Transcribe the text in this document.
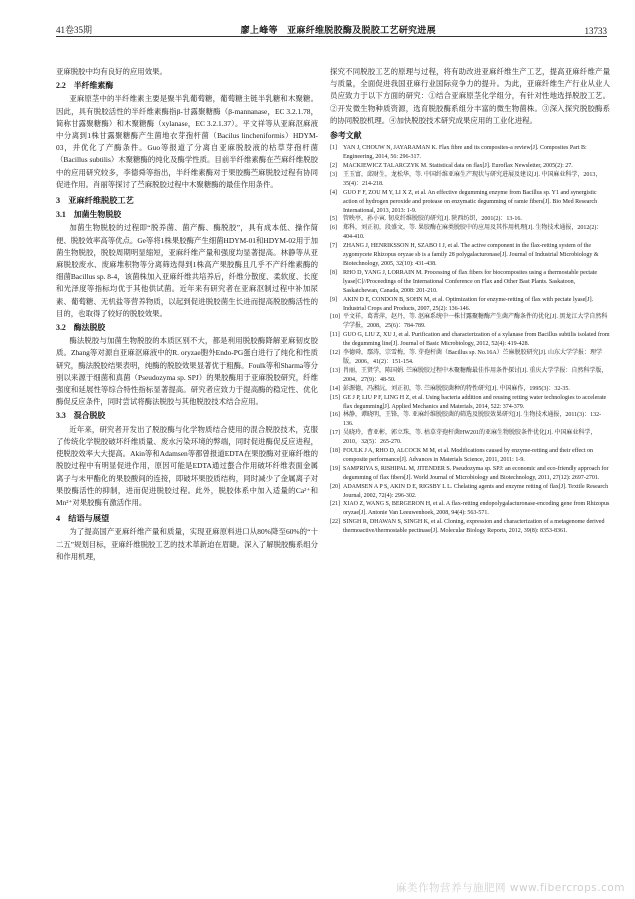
41卷35期	廖上峰等　亚麻纤维脱胶酶及脱胶工艺研究进展	13733

亚麻脱胶中均有良好的应用效果。

2.2　半纤维素酶

亚麻原茎中的半纤维素主要是聚半乳葡萄糖，葡萄糖主链半乳糖和木聚糖。因此，具有脱胶活性的半纤维素酶指β-甘露聚糖酶（β-mannanase，EC 3.2.1.78，简称甘露聚糖酶）和木聚糖酶（xylanase，EC 3.2.1.37）。平文祥等从亚麻沤麻液中分离到1株甘露聚糖酶产生菌地衣芽孢杆菌（Bacilus lincheniformis）HDYM-03，并优化了产酶条件。Guo等报道了分离自亚麻脱胶液的枯草芽孢杆菌（Bacillus subtilis）木聚糖酶的纯化及酶学性质。目前半纤维素酶在苎麻纤维脱胶中的应用研究较多，李德舜等指出，半纤维素酶对于果胶酶苎麻脱胶过程有协同促进作用。肖丽等探讨了苎麻脱胶过程中木聚糖酶的最佳作用条件。

3　亚麻纤维脱胶工艺
3.1　加菌生物脱胶

加菌生物脱胶的过程即“脱养菌、菌产酶、酶脱胶”，具有成本低、操作简便、脱胶效率高等优点。Ge等将1株果胶酶产生细菌HDYM-01和HDYM-02用于加菌生物脱胶，脱胶周期明显缩短，亚麻纤维产量和强度均显著提高。林静等从亚麻脱胶废水、废麻堆积物等分离筛选得到1株高产果胶酶且几乎不产纤维素酶的细菌Bacillus sp. 8-4，该菌株加入亚麻纤维共培养后，纤维分散度、柔软度、长度和光泽度等指标均优于其他供试菌。近年来有研究者在亚麻沤制过程中补加尿素、葡萄糖、无机盐等营养物质，以起到促进脱胶菌生长进而提高脱胶酶活性的目的，也取得了较好的脱胶效果。

3.2　酶法脱胶

酶法脱胶与加菌生物脱胶的本质区别不大，都是利用脱胶酶降解亚麻韧皮胶质。Zhang等对源自亚麻沤麻液中的R. oryzae胞外Endo-PG蛋白进行了纯化和性质研究，酶法脱胶结果表明，纯酶的脱胶效果显著优于粗酶。Foulk等和Sharma等分别以来源于细菌和真菌（Pseudozyma sp. SPJ）的果胶酶用于亚麻脱胶研究，纤维强度和延展性等综合特性指标显著提高。研究者应致力于提高酶的稳定性、优化酶促反应条件，同时尝试将酶法脱胶与其他脱胶技术结合应用。

3.3　混合脱胶

近年来，研究者开发出了脱胶酶与化学物质结合使用的混合脱胶技术，克服了传统化学脱胶破坏纤维质量、废水污染环境的弊端，同时促进酶促反应进程，使脱胶效率大大提高。Akin等和Adamsen等都曾报道EDTA在果胶酶对亚麻纤维的脱胶过程中有明显促进作用，原因可能是EDTA通过螯合作用破坏纤维表面金属离子与未甲酯化的果胶酸间的连接，即破坏果胶质结构，同时减少了金属离子对果胶酶活性的抑制，进而促进脱胶过程。此外，脱胶体系中加入适量的Ca²⁺和Mn²⁺对果胶酶有激活作用。

4　结语与展望

为了提高国产亚麻纤维产量和质量，实现亚麻原料进口从80%降至60%的“十二五”规划目标，亚麻纤维脱胶工艺的技术革新迫在眉睫。深入了解脱胶酶系组分和作用机理，

探究不同脱胶工艺的原理与过程，将有助改进亚麻纤维生产工艺，提高亚麻纤维产量与质量，全面促进我国亚麻行业国际竞争力的提升。为此，亚麻纤维生产行业从业人员应致力于以下方面的研究：①结合亚麻原茎化学组分，有针对性地选择脱胶工艺。②开发微生物种质资源，选育脱胶酶系组分丰富的微生物菌株。③深入探究脱胶酶系的协同脱胶机理。④加快脱胶技术研究成果应用的工业化进程。

参考文献

[1] YAN J, CHOUW N, JAYARAMAN K. Flax fibre and its composites-a review[J]. Composites Part B: Engineering, 2014, 56: 296-317.

[2] MACKIEWICZ TALARCZYK M. Statistical data on flax[J]. Euroflax Newsletter, 2005(2): 27.

[3] 王玉富，邱财生，龙松华，等. 中国纤维亚麻生产现状与研究进展及建议[J]. 中国麻业科学，2013，35(4)：214-218.

[4] GUO F F, ZOU M Y, LI X Z, et al. An effective degumming enzyme from Bacillus sp. Y1 and synergistic action of hydrogen peroxide and protease on enzymatic degumming of ramie fibers[J]. Bio Med Research International, 2013, 2013: 1-9.

[5] 管映亭，孙小寅. 韧皮纤维脱胶的研究[J]. 陕西纺织，2001(2)：13-16.

[6] 郑科，刘正初，段盛文，等. 果胶酶在麻类脱胶中的应用及其作用机理[J]. 生物技术通报，2012(2)：404-410.

[7] ZHANG J, HENRIKSSON H, SZABO I J, et al. The active component in the flax-retting system of the zygomycete Rhizopus oryzae sb is a family 28 polygalacturonase[J]. Journal of Industrial Microbiology & Biotechnology, 2005, 32(10): 431-438.

[8] RHO D, YANG J, LORRAIN M. Processing of flax fibers for biocomposites using a thermostable pectate lyase[C]//Proceedings of the International Conference on Flax and Other Bast Plants. Saskatoon, Saskatchewan, Canada, 2008: 201-210.

[9] AKIN D E, CONDON B, SOHN M, et al. Optimization for enzyme-retting of flax with pectate lyase[J]. Industrial Crops and Products, 2007, 25(2): 136-146.

[10] 平文祥，葛菁萍，赵丹，等. 沤麻系统中一株甘露聚糖酶产生菌产酶条件的优化[J]. 黑龙江大学自然科学学报，2008，25(6)：784-789.

[11] GUO G, LIU Z, XU J, et al. Purification and characterization of a xylanase from Bacillus subtilis isolated from the degumming line[J]. Journal of Basic Microbiology, 2012, 52(4): 419-428.

[12] 李德舜，鄢涛，宗雪梅，等. 芽孢杆菌（Bacillus sp. No.16A）苎麻脱胶研究[J]. 山东大学学报：理学版，2006，41(2)：151-154.

[13] 肖丽，王贤学，陈国娟. 苎麻脱胶过程中木聚糖酶最佳作用条件探讨[J]. 重庆大学学报：自然科学版，2004，27(9)：48-50.

[14] 彭源德，冯湘沅，刘正初，等. 苎麻脱胶菌种的特性研究[J]. 中国麻作，1995(3)：32-35.

[15] GE J P, LIU P F, LING H Z, et al. Using bacteria addition and reusing retting water technologies to accelerate flax degumming[J]. Applied Mechanics and Materials, 2014, 522: 374-379.

[16] 林静，谭晓明，王锋，等. 亚麻纤维脱胶菌的筛选及脱胶效果研究[J]. 生物技术通报，2011(3)：132-136.

[17] 吴晓玲，曹亚彬，郭立珠，等. 枯草芽孢杆菌HW201的亚麻生物脱胶条件优化[J]. 中国麻业科学，2010，32(5)：265-270.

[18] FOULK J A, RHO D, ALCOCK M M, et al. Modifications caused by enzyme-retting and their effect on composite performance[J]. Advances in Materials Science, 2011, 2011: 1-9.

[19] SAMPRIYA S, RISHIPAL M, JITENDER S. Pseudozyma sp. SPJ: an economic and eco-friendly approach for degumming of flax fibers[J]. World Journal of Microbiology and Biotechnology, 2011, 27(12): 2697-2701.

[20] ADAMSEN A P S, AKIN D E, RIGSBY L L. Chelating agents and enzyme retting of flax[J]. Textile Research Journal, 2002, 72(4): 296-302.

[21] XIAO Z, WANG S, BERGERON H, et al. A flax-retting endopolygalacturonase-encoding gene from Rhizopus oryzae[J]. Antonie Van Leeuwenhoek, 2008, 94(4): 563-571.

[22] SINGH R, DHAWAN S, SINGH K, et al. Cloning, expression and characterization of a metagenome derived thermoactive/thermostable pectinase[J]. Molecular Biology Reports, 2012, 39(8): 8353-8361.

麻类作物营养与施肥网 www.fibercrops.com
